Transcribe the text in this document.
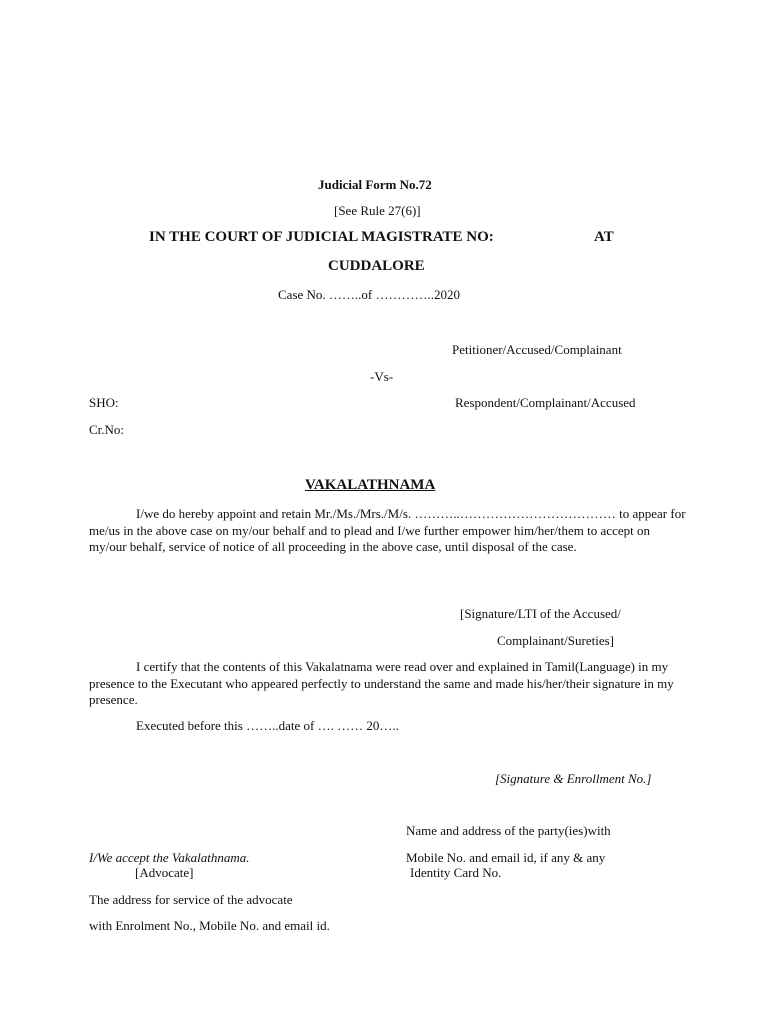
Judicial Form No.72
[See Rule 27(6)]
IN THE COURT OF JUDICIAL MAGISTRATE NO:	AT
CUDDALORE
Case No. ……..of …………..2020
Petitioner/Accused/Complainant
-Vs-
SHO:	Respondent/Complainant/Accused
Cr.No:
VAKALATHNAMA
I/we do hereby appoint and retain Mr./Ms./Mrs./M/s. ………..……………………………… to appear for me/us in the above case on my/our behalf and to plead and I/we further empower him/her/them to accept on my/our behalf, service of notice of all proceeding in the above case, until disposal of the case.
[Signature/LTI of the Accused/
Complainant/Sureties]
I certify that the contents of this Vakalatnama were read over and explained in Tamil(Language) in my presence to the Executant who appeared perfectly to understand the same and made his/her/their signature in my presence.
Executed before this ……..date of …. …… 20…..
[Signature & Enrollment No.]
Name and address of the party(ies)with
I/We accept the Vakalathnama.	Mobile No. and email id, if any & any
[Advocate]	Identity Card No.
The address for service of the advocate
with Enrolment No., Mobile No. and email id.
